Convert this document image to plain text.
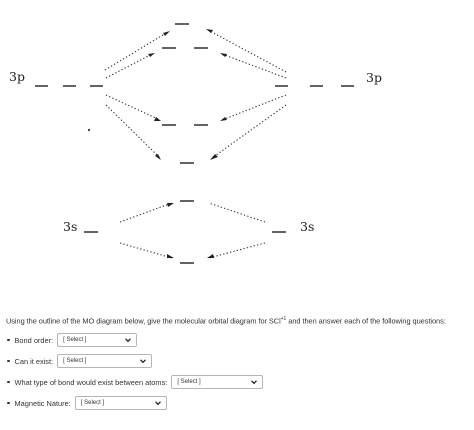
3p	3p
3s	3s
Using the outline of the MO diagram below, give the molecular orbital diagram for SCl$^{+1}$ and then answer each of the following questions:
Bond order: [ Select ]
Can it exist: [ Select ]
What type of bond would exist between atoms: [ Select ]
Magnetic Nature: [ Select ]
